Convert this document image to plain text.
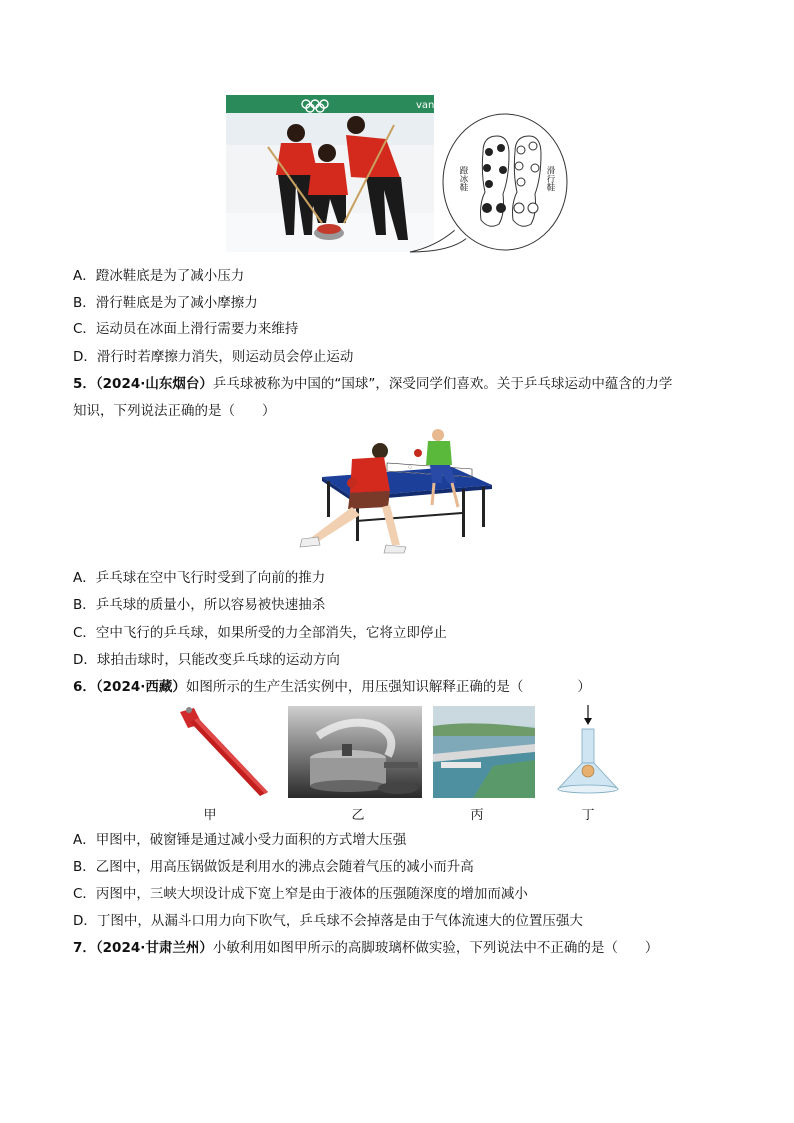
van
蹬冰鞋	滑行鞋
A．蹬冰鞋底是为了减小压力
B．滑行鞋底是为了减小摩擦力
C．运动员在冰面上滑行需要力来维持
D．滑行时若摩擦力消失，则运动员会停止运动
5．（2024·山东烟台）乒乓球被称为中国的“国球”，深受同学们喜欢。关于乒乓球运动中蕴含的力学
知识，下列说法正确的是（　　）
A．乒乓球在空中飞行时受到了向前的推力
B．乒乓球的质量小，所以容易被快速抽杀
C．空中飞行的乒乓球，如果所受的力全部消失，它将立即停止
D．球拍击球时，只能改变乒乓球的运动方向
6．（2024·西藏）如图所示的生产生活实例中，用压强知识解释正确的是（　　　　）
甲	乙	丙	丁
A．甲图中，破窗锤是通过减小受力面积的方式增大压强
B．乙图中，用高压锅做饭是利用水的沸点会随着气压的减小而升高
C．丙图中，三峡大坝设计成下宽上窄是由于液体的压强随深度的增加而减小
D．丁图中，从漏斗口用力向下吹气，乒乓球不会掉落是由于气体流速大的位置压强大
7．（2024·甘肃兰州）小敏利用如图甲所示的高脚玻璃杯做实验，下列说法中不正确的是（　　）
